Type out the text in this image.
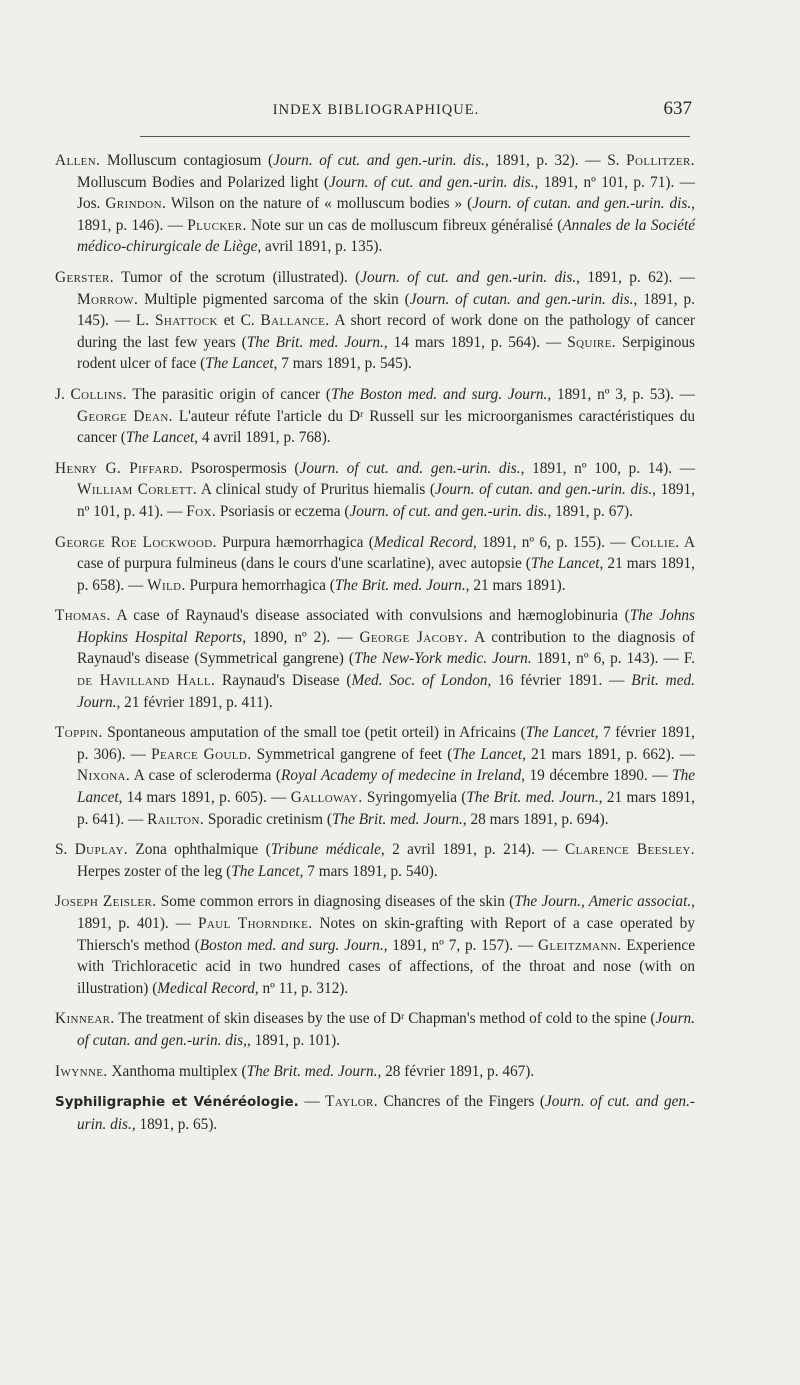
INDEX BIBLIOGRAPHIQUE.	637

Allen. Molluscum contagiosum (Journ. of cut. and gen.-urin. dis., 1891, p. 32). — S. Pollitzer. Molluscum Bodies and Polarized light (Journ. of cut. and gen.-urin. dis., 1891, nº 101, p. 71). — Jos. Grindon. Wilson on the nature of « molluscum bodies » (Journ. of cutan. and gen.-urin. dis., 1891, p. 146). — Plucker. Note sur un cas de molluscum fibreux généralisé (Annales de la Société médico-chirurgicale de Liège, avril 1891, p. 135).

Gerster. Tumor of the scrotum (illustrated). (Journ. of cut. and gen.-urin. dis., 1891, p. 62). — Morrow. Multiple pigmented sarcoma of the skin (Journ. of cutan. and gen.-urin. dis., 1891, p. 145). — L. Shattock et C. Ballance. A short record of work done on the pathology of cancer during the last few years (The Brit. med. Journ., 14 mars 1891, p. 564). — Squire. Serpiginous rodent ulcer of face (The Lancet, 7 mars 1891, p. 545).

J. Collins. The parasitic origin of cancer (The Boston med. and surg. Journ., 1891, nº 3, p. 53). — George Dean. L'auteur réfute l'article du Dʳ Russell sur les microorganismes caractéristiques du cancer (The Lancet, 4 avril 1891, p. 768).

Henry G. Piffard. Psorospermosis (Journ. of cut. and. gen.-urin. dis., 1891, nº 100, p. 14). — William Corlett. A clinical study of Pruritus hiemalis (Journ. of cutan. and gen.-urin. dis., 1891, nº 101, p. 41). — Fox. Psoriasis or eczema (Journ. of cut. and gen.-urin. dis., 1891, p. 67).

George Roe Lockwood. Purpura hæmorrhagica (Medical Record, 1891, nº 6, p. 155). — Collie. A case of purpura fulmineus (dans le cours d'une scarlatine), avec autopsie (The Lancet, 21 mars 1891, p. 658). — Wild. Purpura hemorrhagica (The Brit. med. Journ., 21 mars 1891).

Thomas. A case of Raynaud's disease associated with convulsions and hæmoglobinuria (The Johns Hopkins Hospital Reports, 1890, nº 2). — George Jacoby. A contribution to the diagnosis of Raynaud's disease (Symmetrical gangrene) (The New-York medic. Journ. 1891, nº 6, p. 143). — F. de Havilland Hall. Raynaud's Disease (Med. Soc. of London, 16 février 1891. — Brit. med. Journ., 21 février 1891, p. 411).

Toppin. Spontaneous amputation of the small toe (petit orteil) in Africains (The Lancet, 7 février 1891, p. 306). — Pearce Gould. Symmetrical gangrene of feet (The Lancet, 21 mars 1891, p. 662). — Nixona. A case of scleroderma (Royal Academy of medecine in Ireland, 19 décembre 1890. — The Lancet, 14 mars 1891, p. 605). — Galloway. Syringomyelia (The Brit. med. Journ., 21 mars 1891, p. 641). — Railton. Sporadic cretinism (The Brit. med. Journ., 28 mars 1891, p. 694).

S. Duplay. Zona ophthalmique (Tribune médicale, 2 avril 1891, p. 214). — Clarence Beesley. Herpes zoster of the leg (The Lancet, 7 mars 1891, p. 540).

Joseph Zeisler. Some common errors in diagnosing diseases of the skin (The Journ., Americ associat., 1891, p. 401). — Paul Thorndike. Notes on skin-grafting with Report of a case operated by Thiersch's method (Boston med. and surg. Journ., 1891, nº 7, p. 157). — Gleitzmann. Experience with Trichloracetic acid in two hundred cases of affections, of the throat and nose (with on illustration) (Medical Record, nº 11, p. 312).

Kinnear. The treatment of skin diseases by the use of Dʳ Chapman's method of cold to the spine (Journ. of cutan. and gen.-urin. dis,, 1891, p. 101).

Iwynne. Xanthoma multiplex (The Brit. med. Journ., 28 février 1891, p. 467).

Syphiligraphie et Vénéréologie. — Taylor. Chancres of the Fingers (Journ. of cut. and gen.-urin. dis., 1891, p. 65).
